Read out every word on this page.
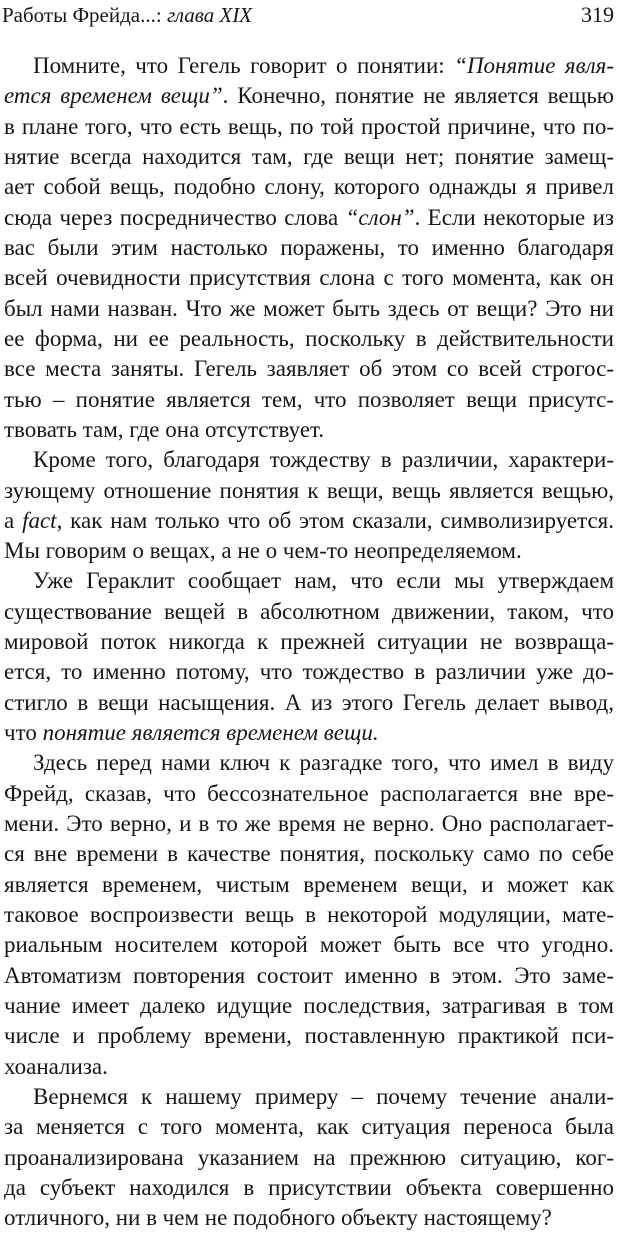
Работы Фрейда...: глава XIX	319
Помните, что Гегель говорит о понятии: “Понятие явля-
ется временем вещи”. Конечно, понятие не является вещью
в плане того, что есть вещь, по той простой причине, что по-
нятие всегда находится там, где вещи нет; понятие замещ-
ает собой вещь, подобно слону, которого однажды я привел
сюда через посредничество слова “слон”. Если некоторые из
вас были этим настолько поражены, то именно благодаря
всей очевидности присутствия слона с того момента, как он
был нами назван. Что же может быть здесь от вещи? Это ни
ее форма, ни ее реальность, поскольку в действительности
все места заняты. Гегель заявляет об этом со всей строгос-
тью – понятие является тем, что позволяет вещи присутс-
твовать там, где она отсутствует.
Кроме того, благодаря тождеству в различии, характери-
зующему отношение понятия к вещи, вещь является вещью,
a fact, как нам только что об этом сказали, символизируется.
Мы говорим о вещах, а не о чем-то неопределяемом.
Уже Гераклит сообщает нам, что если мы утверждаем
существование вещей в абсолютном движении, таком, что
мировой поток никогда к прежней ситуации не возвраща-
ется, то именно потому, что тождество в различии уже до-
стигло в вещи насыщения. А из этого Гегель делает вывод,
что понятие является временем вещи.
Здесь перед нами ключ к разгадке того, что имел в виду
Фрейд, сказав, что бессознательное располагается вне вре-
мени. Это верно, и в то же время не верно. Оно располагает-
ся вне времени в качестве понятия, поскольку само по себе
является временем, чистым временем вещи, и может как
таковое воспроизвести вещь в некоторой модуляции, мате-
риальным носителем которой может быть все что угодно.
Автоматизм повторения состоит именно в этом. Это заме-
чание имеет далеко идущие последствия, затрагивая в том
числе и проблему времени, поставленную практикой пси-
хоанализа.
Вернемся к нашему примеру – почему течение анали-
за меняется с того момента, как ситуация переноса была
проанализирована указанием на прежнюю ситуацию, ког-
да субъект находился в присутствии объекта совершенно
отличного, ни в чем не подобного объекту настоящему?
